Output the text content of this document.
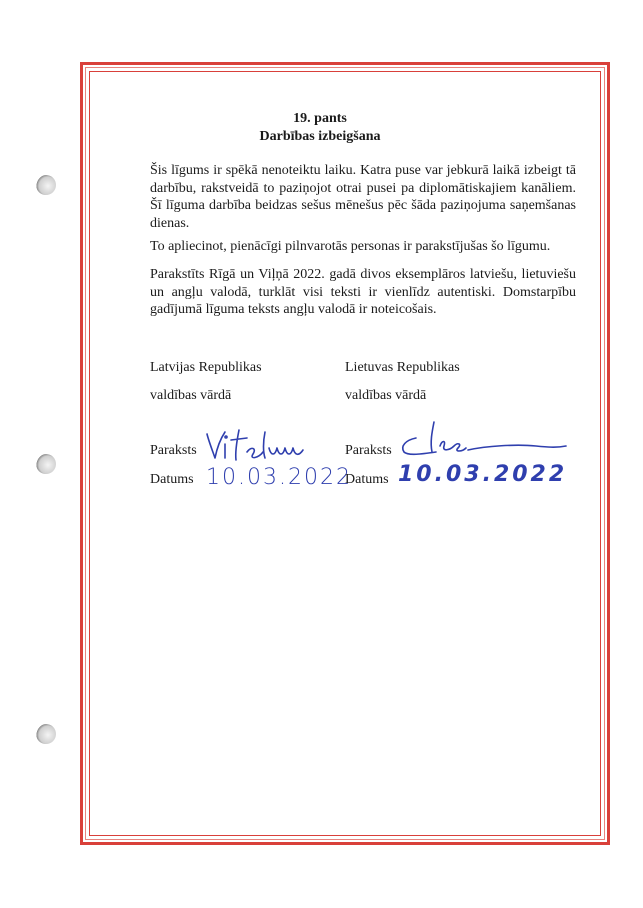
19. pants
Darbības izbeigšana

Šis līgums ir spēkā nenoteiktu laiku. Katra puse var jebkurā laikā izbeigt tā darbību, rakstveidā to paziņojot otrai pusei pa diplomātiskajiem kanāliem. Šī līguma darbība beidzas sešus mēnešus pēc šāda paziņojuma saņemšanas dienas.

To apliecinot, pienācīgi pilnvarotās personas ir parakstījušas šo līgumu.

Parakstīts Rīgā un Viļņā 2022. gadā divos eksemplāros latviešu, lietuviešu un angļu valodā, turklāt visi teksti ir vienlīdz autentiski. Domstarpību gadījumā līguma teksts angļu valodā ir noteicošais.

Latvijas Republikas
valdības vārdā
Paraksts
Datums 10.03.2022
Lietuvas Republikas
valdības vārdā
Paraksts
Datums 10.03.2022
